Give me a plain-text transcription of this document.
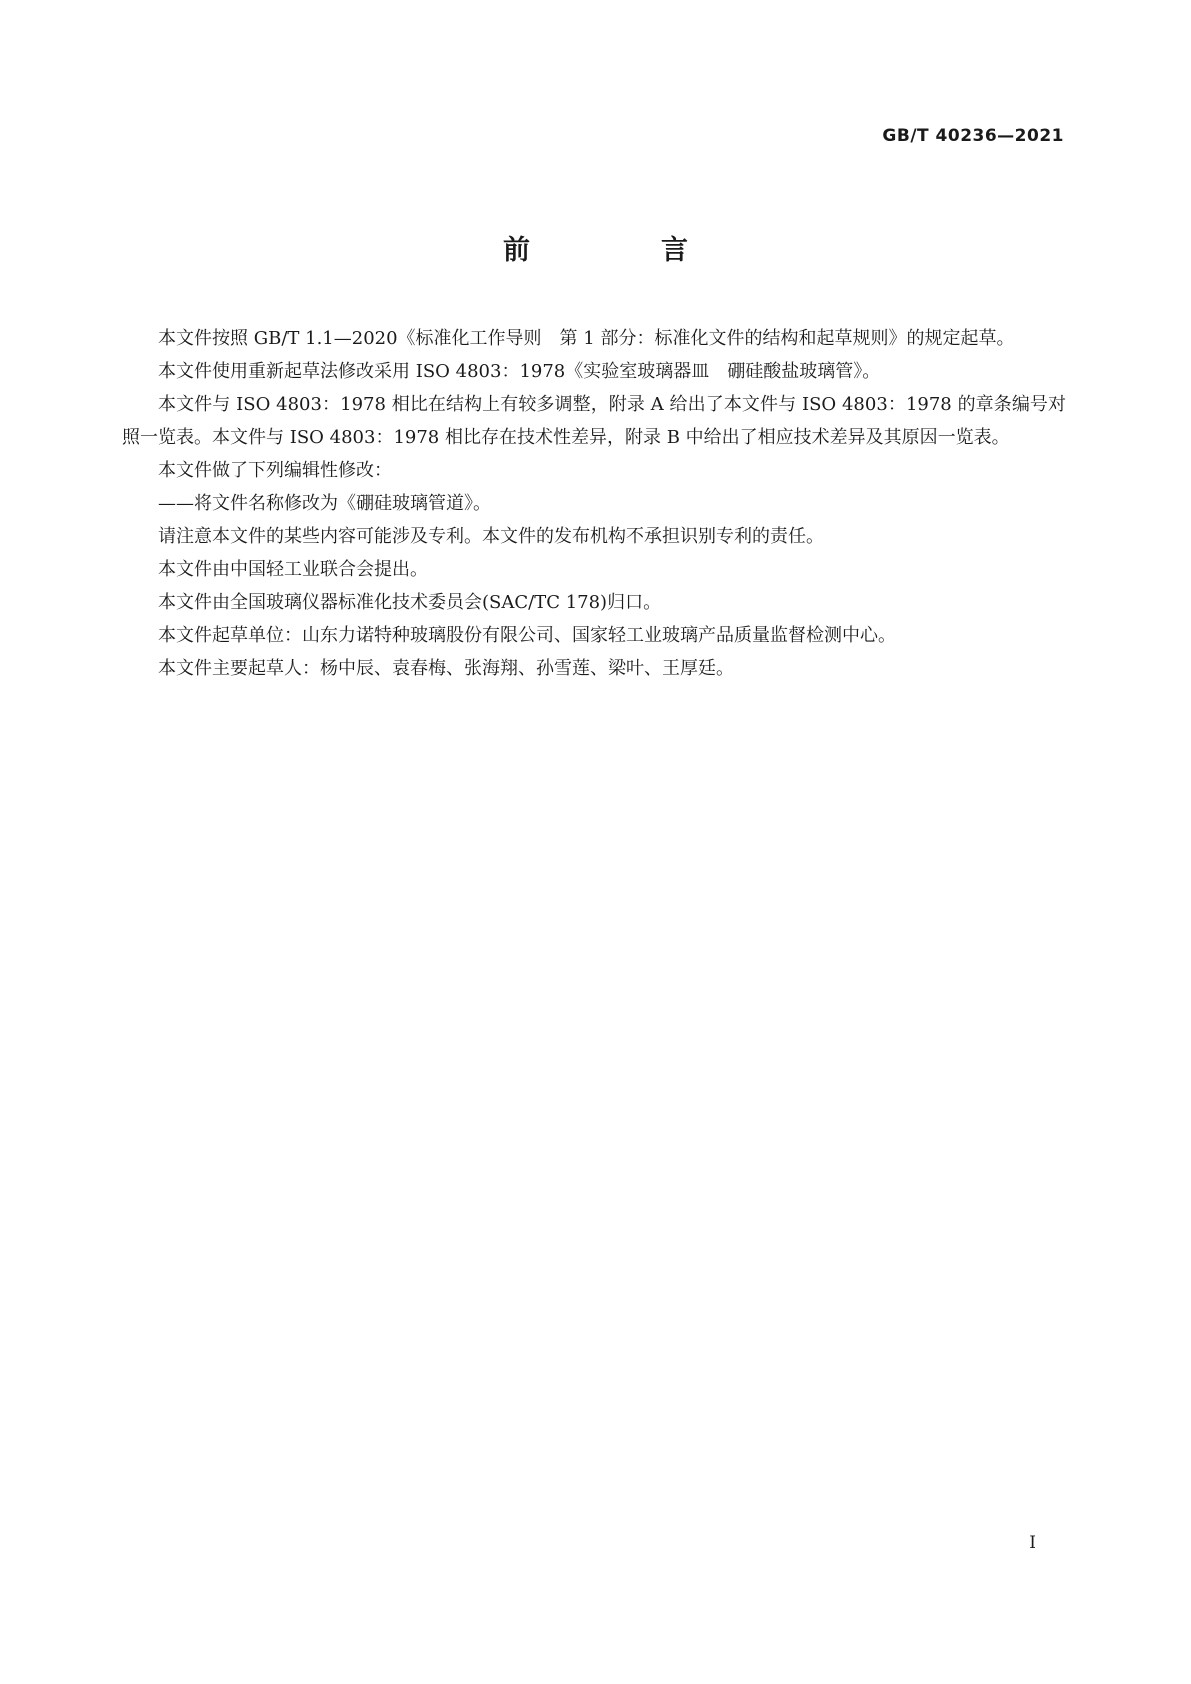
GB/T 40236—2021
前　言

本文件按照 GB/T 1.1—2020《标准化工作导则　第 1 部分：标准化文件的结构和起草规则》的规定起草。

本文件使用重新起草法修改采用 ISO 4803：1978《实验室玻璃器皿　硼硅酸盐玻璃管》。

本文件与 ISO 4803：1978 相比在结构上有较多调整，附录 A 给出了本文件与 ISO 4803：1978 的章条编号对照一览表。本文件与 ISO 4803：1978 相比存在技术性差异，附录 B 中给出了相应技术差异及其原因一览表。

本文件做了下列编辑性修改：

——将文件名称修改为《硼硅玻璃管道》。

请注意本文件的某些内容可能涉及专利。本文件的发布机构不承担识别专利的责任。

本文件由中国轻工业联合会提出。

本文件由全国玻璃仪器标准化技术委员会(SAC/TC 178)归口。

本文件起草单位：山东力诺特种玻璃股份有限公司、国家轻工业玻璃产品质量监督检测中心。

本文件主要起草人：杨中辰、袁春梅、张海翔、孙雪莲、梁叶、王厚廷。

I
